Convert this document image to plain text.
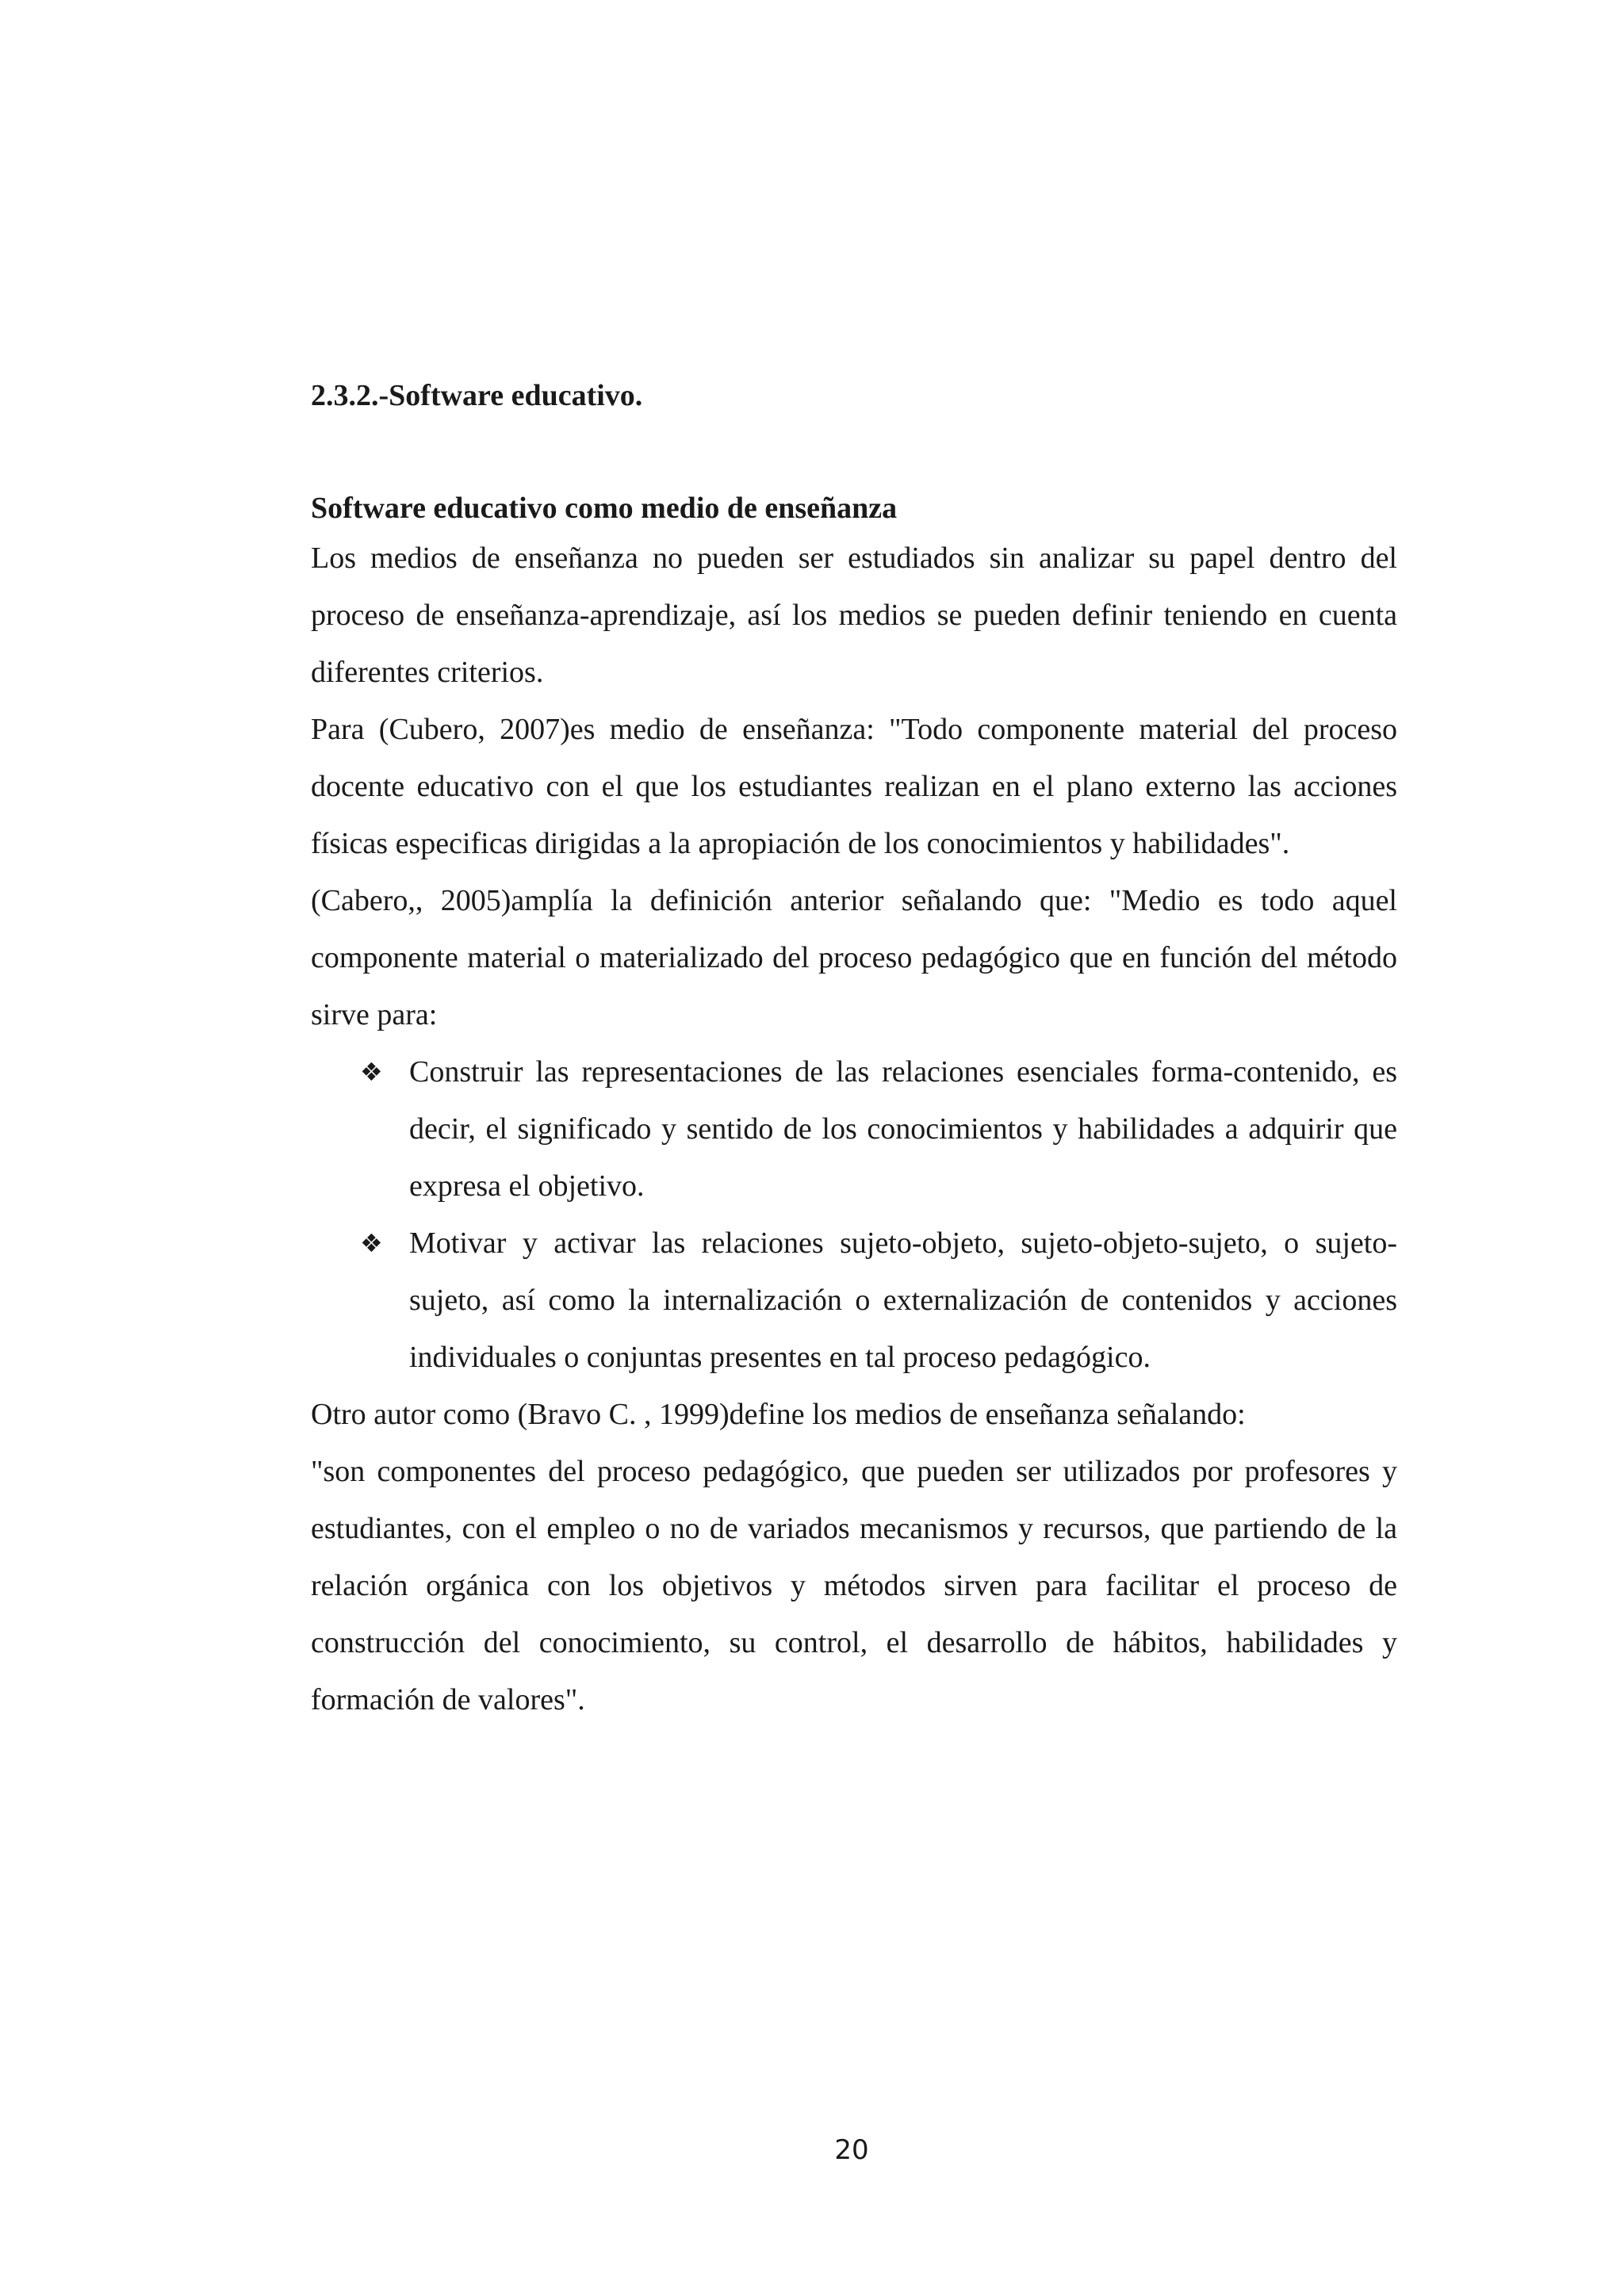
2.3.2.-Software educativo.
Software educativo como medio de enseñanza

Los medios de enseñanza no pueden ser estudiados sin analizar su papel dentro del proceso de enseñanza-aprendizaje, así los medios se pueden definir teniendo en cuenta diferentes criterios.

Para (Cubero, 2007)es medio de enseñanza: "Todo componente material del proceso docente educativo con el que los estudiantes realizan en el plano externo las acciones físicas especificas dirigidas a la apropiación de los conocimientos y habilidades".

(Cabero,, 2005)amplía la definición anterior señalando que: "Medio es todo aquel componente material o materializado del proceso pedagógico que en función del método sirve para:

❖ Construir las representaciones de las relaciones esenciales forma-contenido, es decir, el significado y sentido de los conocimientos y habilidades a adquirir que expresa el objetivo.
❖ Motivar y activar las relaciones sujeto-objeto, sujeto-objeto-sujeto, o sujeto-sujeto, así como la internalización o externalización de contenidos y acciones individuales o conjuntas presentes en tal proceso pedagógico.

Otro autor como (Bravo C. , 1999)define los medios de enseñanza señalando:

"son componentes del proceso pedagógico, que pueden ser utilizados por profesores y estudiantes, con el empleo o no de variados mecanismos y recursos, que partiendo de la relación orgánica con los objetivos y métodos sirven para facilitar el proceso de construcción del conocimiento, su control, el desarrollo de hábitos, habilidades y formación de valores".

20
